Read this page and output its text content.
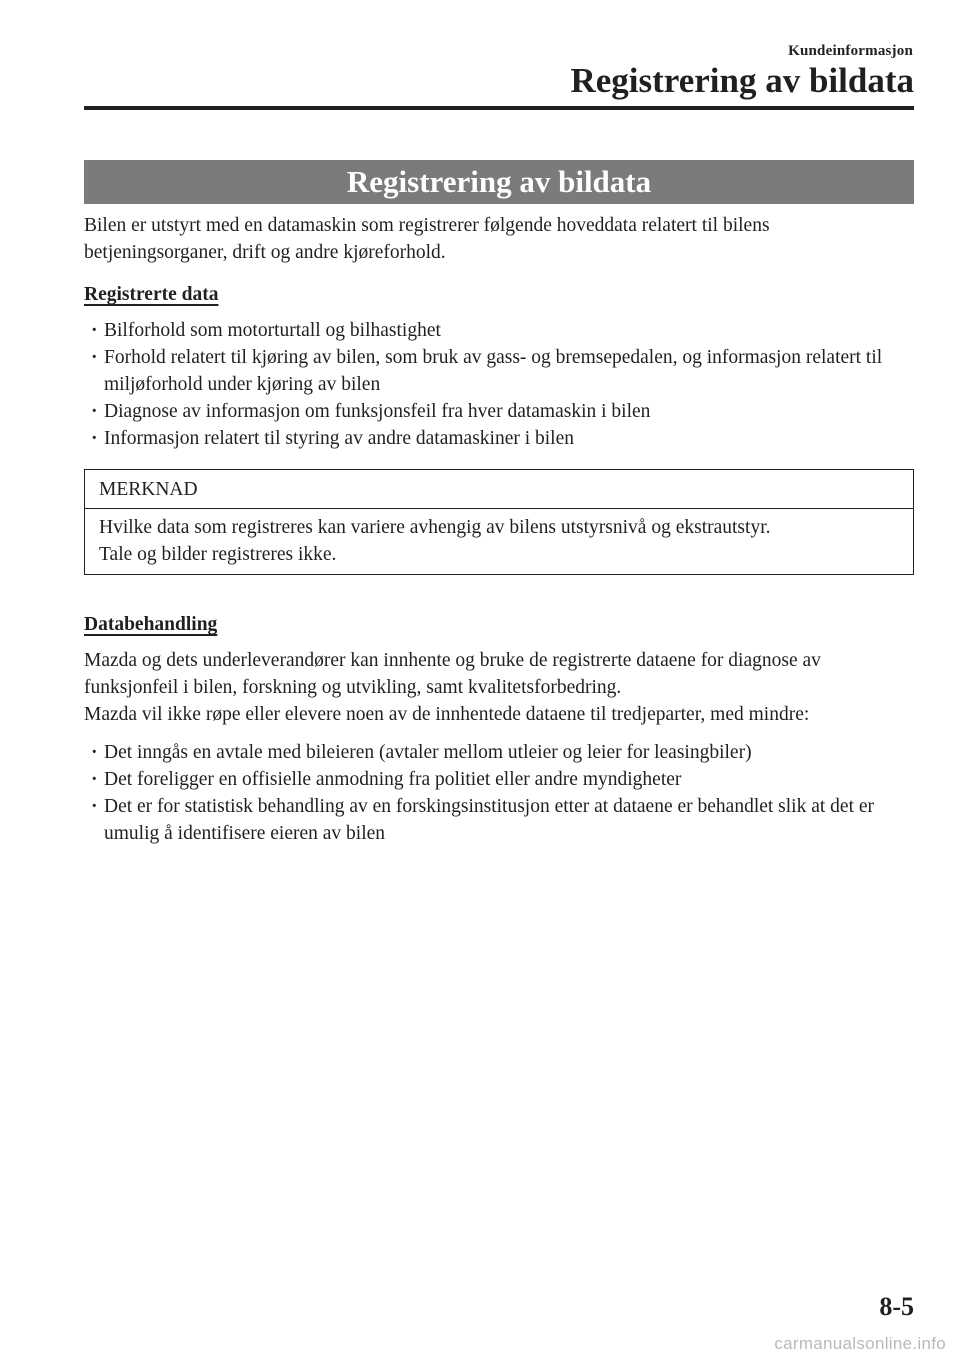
Kundeinformasjon
Registrering av bildata
Registrering av bildata

Bilen er utstyrt med en datamaskin som registrerer følgende hoveddata relatert til bilens betjeningsorganer, drift og andre kjøreforhold.

Registrerte data
· Bilforhold som motorturtall og bilhastighet
· Forhold relatert til kjøring av bilen, som bruk av gass- og bremsepedalen, og informasjon relatert til miljøforhold under kjøring av bilen
· Diagnose av informasjon om funksjonsfeil fra hver datamaskin i bilen
· Informasjon relatert til styring av andre datamaskiner i bilen
MERKNAD

Hvilke data som registreres kan variere avhengig av bilens utstyrsnivå og ekstrautstyr.

Tale og bilder registreres ikke.

Databehandling

Mazda og dets underleverandører kan innhente og bruke de registrerte dataene for diagnose av funksjonfeil i bilen, forskning og utvikling, samt kvalitetsforbedring.

Mazda vil ikke røpe eller elevere noen av de innhentede dataene til tredjeparter, med mindre:

· Det inngås en avtale med bileieren (avtaler mellom utleier og leier for leasingbiler)
· Det foreligger en offisielle anmodning fra politiet eller andre myndigheter
· Det er for statistisk behandling av en forskingsinstitusjon etter at dataene er behandlet slik at det er umulig å identifisere eieren av bilen
8-5
carmanualsonline.info
